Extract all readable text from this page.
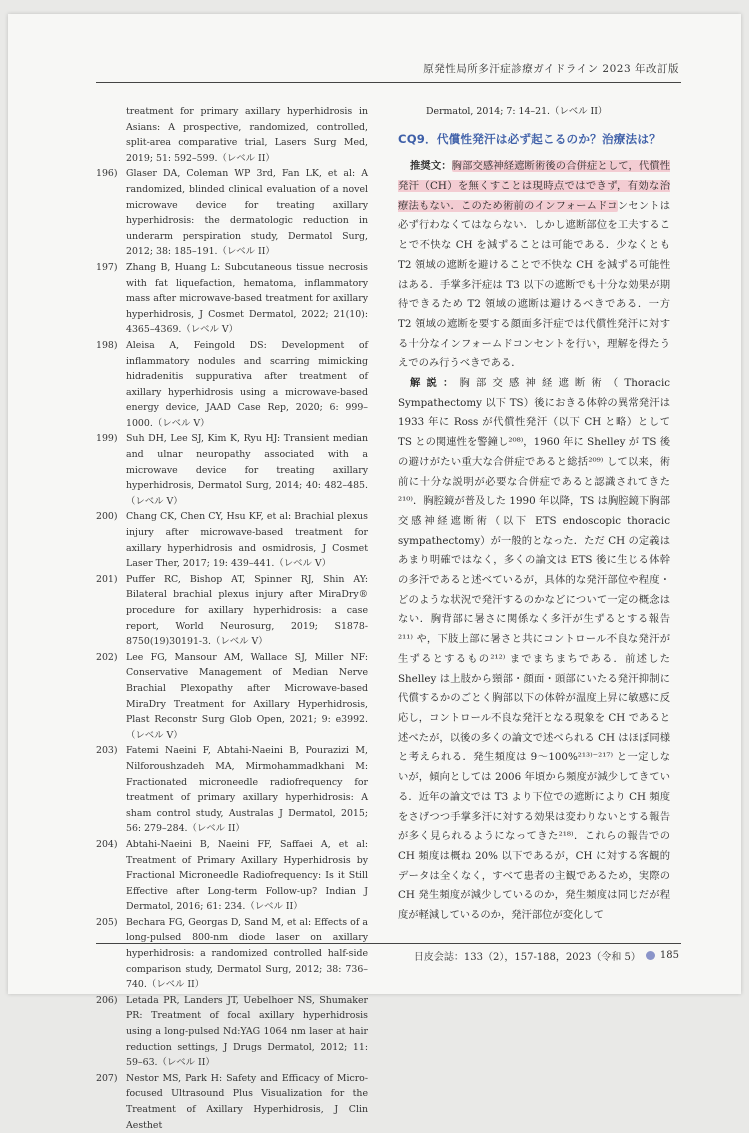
原発性局所多汗症診療ガイドライン 2023 年改訂版
treatment for primary axillary hyperhidrosis in Asians: A prospective, randomized, controlled, split-area comparative trial, Lasers Surg Med, 2019; 51: 592–599.（レベル II）
196) Glaser DA, Coleman WP 3rd, Fan LK, et al: A randomized, blinded clinical evaluation of a novel microwave device for treating axillary hyperhidrosis: the dermatologic reduction in underarm perspiration study, Dermatol Surg, 2012; 38: 185–191.（レベル II）
197) Zhang B, Huang L: Subcutaneous tissue necrosis with fat liquefaction, hematoma, inflammatory mass after microwave-based treatment for axillary hyperhidrosis, J Cosmet Dermatol, 2022; 21(10): 4365–4369.（レベル V）
198) Aleisa A, Feingold DS: Development of inflammatory nodules and scarring mimicking hidradenitis suppurativa after treatment of axillary hyperhidrosis using a microwave-based energy device, JAAD Case Rep, 2020; 6: 999–1000.（レベル V）
199) Suh DH, Lee SJ, Kim K, Ryu HJ: Transient median and ulnar neuropathy associated with a microwave device for treating axillary hyperhidrosis, Dermatol Surg, 2014; 40: 482–485.（レベル V）
200) Chang CK, Chen CY, Hsu KF, et al: Brachial plexus injury after microwave-based treatment for axillary hyperhidrosis and osmidrosis, J Cosmet Laser Ther, 2017; 19: 439–441.（レベル V）
201) Puffer RC, Bishop AT, Spinner RJ, Shin AY: Bilateral brachial plexus injury after MiraDry® procedure for axillary hyperhidrosis: a case report, World Neurosurg, 2019; S1878-8750(19)30191-3.（レベル V）
202) Lee FG, Mansour AM, Wallace SJ, Miller NF: Conservative Management of Median Nerve Brachial Plexopathy after Microwave-based MiraDry Treatment for Axillary Hyperhidrosis, Plast Reconstr Surg Glob Open, 2021; 9: e3992.（レベル V）
203) Fatemi Naeini F, Abtahi-Naeini B, Pourazizi M, Nilforoushzadeh MA, Mirmohammadkhani M: Fractionated microneedle radiofrequency for treatment of primary axillary hyperhidrosis: A sham control study, Australas J Dermatol, 2015; 56: 279–284.（レベル II）
204) Abtahi-Naeini B, Naeini FF, Saffaei A, et al: Treatment of Primary Axillary Hyperhidrosis by Fractional Microneedle Radiofrequency: Is it Still Effective after Long-term Follow-up? Indian J Dermatol, 2016; 61: 234.（レベル II）
205) Bechara FG, Georgas D, Sand M, et al: Effects of a long-pulsed 800-nm diode laser on axillary hyperhidrosis: a randomized controlled half-side comparison study, Dermatol Surg, 2012; 38: 736–740.（レベル II）
206) Letada PR, Landers JT, Uebelhoer NS, Shumaker PR: Treatment of focal axillary hyperhidrosis using a long-pulsed Nd:YAG 1064 nm laser at hair reduction settings, J Drugs Dermatol, 2012; 11: 59–63.（レベル II）
207) Nestor MS, Park H: Safety and Efficacy of Micro-focused Ultrasound Plus Visualization for the Treatment of Axillary Hyperhidrosis, J Clin Aesthet
Dermatol, 2014; 7: 14–21.（レベル II）
CQ9．代償性発汗は必ず起こるのか？治療法は？

推奨文：胸部交感神経遮断術後の合併症として，代償性発汗（CH）を無くすことは現時点ではできず，有効な治療法もない．このため術前のインフォームドコンセントは必ず行わなくてはならない．しかし遮断部位を工夫することで不快な CH を減ずることは可能である．少なくとも T2 領域の遮断を避けることで不快な CH を減ずる可能性はある．手掌多汗症は T3 以下の遮断でも十分な効果が期待できるため T2 領域の遮断は避けるべきである．一方 T2 領域の遮断を要する顔面多汗症では代償性発汗に対する十分なインフォームドコンセントを行い，理解を得たうえでのみ行うべきである．

解説：胸部交感神経遮断術（Thoracic Sympathectomy 以下 TS）後におきる体幹の異常発汗は 1933 年に Ross が代償性発汗（以下 CH と略）として TS との関連性を警鐘し²⁰⁸⁾，1960 年に Shelley が TS 後の避けがたい重大な合併症であると総括²⁰⁹⁾ して以来，術前に十分な説明が必要な合併症であると認識されてきた²¹⁰⁾．胸腔鏡が普及した 1990 年以降，TS は胸腔鏡下胸部交感神経遮断術（以下 ETS endoscopic thoracic sympathectomy）が一般的となった．ただ CH の定義はあまり明確ではなく，多くの論文は ETS 後に生じる体幹の多汗であると述べているが，具体的な発汗部位や程度・どのような状況で発汗するのかなどについて一定の概念はない．胸背部に暑さに関係なく多汗が生ずるとする報告²¹¹⁾ や，下肢上部に暑さと共にコントロール不良な発汗が生ずるとするもの²¹²⁾ までまちまちである．前述した Shelley は上肢から頸部・顔面・頭部にいたる発汗抑制に代償するかのごとく胸部以下の体幹が温度上昇に敏感に反応し，コントロール不良な発汗となる現象を CH であると述べたが，以後の多くの論文で述べられる CH はほぼ同様と考えられる．発生頻度は 9～100%²¹³⁾⁻²¹⁷⁾ と一定しないが，傾向としては 2006 年頃から頻度が減少してきている．近年の論文では T3 より下位での遮断により CH 頻度をさげつつ手掌多汗に対する効果は変わりないとする報告が多く見られるようになってきた²¹⁸⁾．これらの報告での CH 頻度は概ね 20% 以下であるが，CH に対する客観的データは全くなく，すべて患者の主観であるため，実際の CH 発生頻度が減少しているのか，発生頻度は同じだが程度が軽減しているのか，発汗部位が変化して

日皮会誌：133（2），157-188，2023（令和 5） 185
